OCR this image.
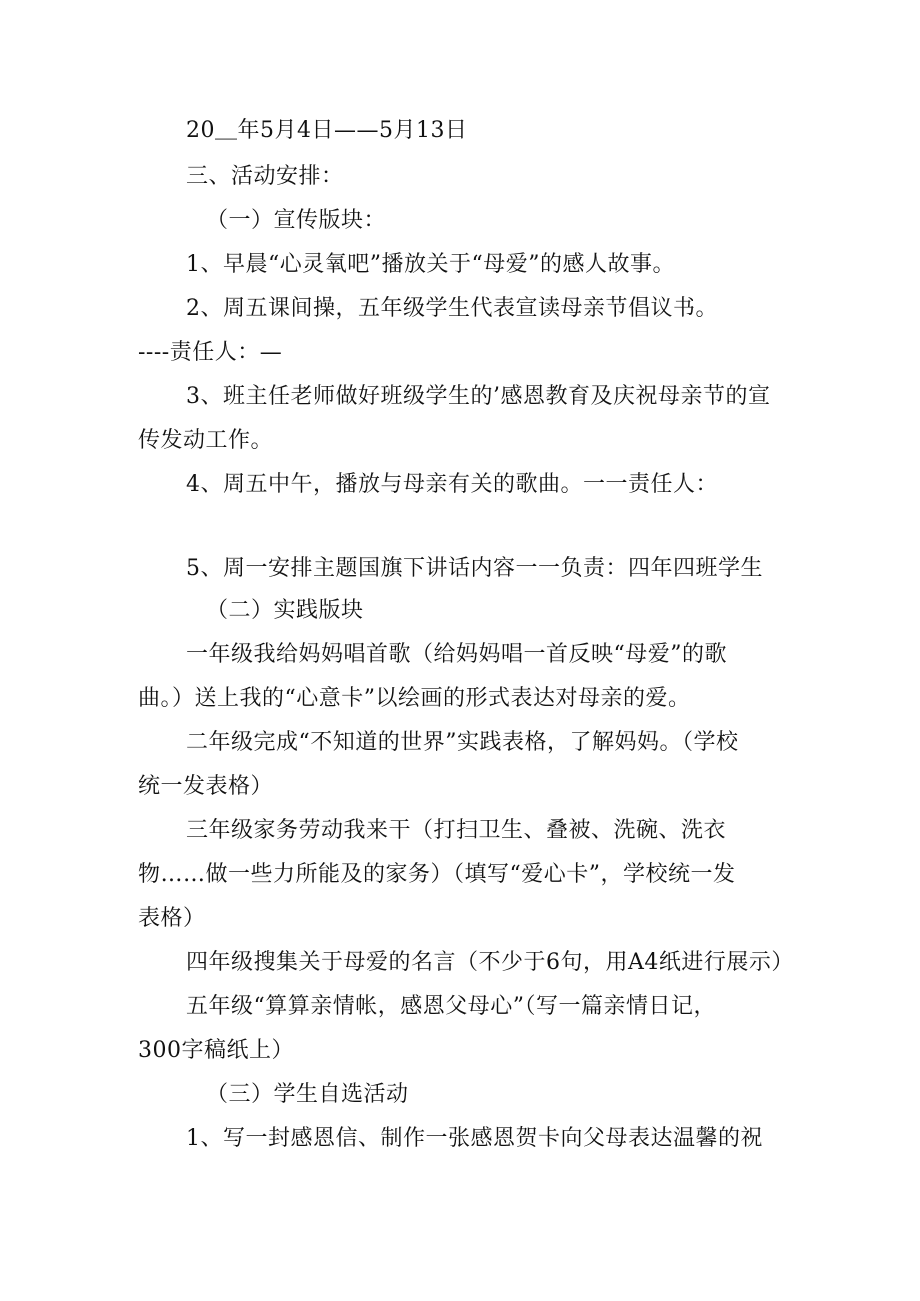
20＿年5月4日——5月13日
三、活动安排：
（一）宣传版块：
1、早晨“心灵氧吧”播放关于“母爱”的感人故事。
2、周五课间操，五年级学生代表宣读母亲节倡议书。
----责任人：—
3、班主任老师做好班级学生的’感恩教育及庆祝母亲节的宣
传发动工作。
4、周五中午，播放与母亲有关的歌曲。一一责任人：
5、周一安排主题国旗下讲话内容一一负责：四年四班学生
（二）实践版块
一年级我给妈妈唱首歌（给妈妈唱一首反映“母爱”的歌
曲。）送上我的“心意卡”以绘画的形式表达对母亲的爱。
二年级完成“不知道的世界”实践表格，了解妈妈。（学校
统一发表格）
三年级家务劳动我来干（打扫卫生、叠被、洗碗、洗衣
物……做一些力所能及的家务）（填写“爱心卡”，学校统一发
表格）
四年级搜集关于母爱的名言（不少于6句，用A4纸进行展示）
五年级“算算亲情帐，感恩父母心”（写一篇亲情日记，
300字稿纸上）
（三）学生自选活动
1、写一封感恩信、制作一张感恩贺卡向父母表达温馨的祝
